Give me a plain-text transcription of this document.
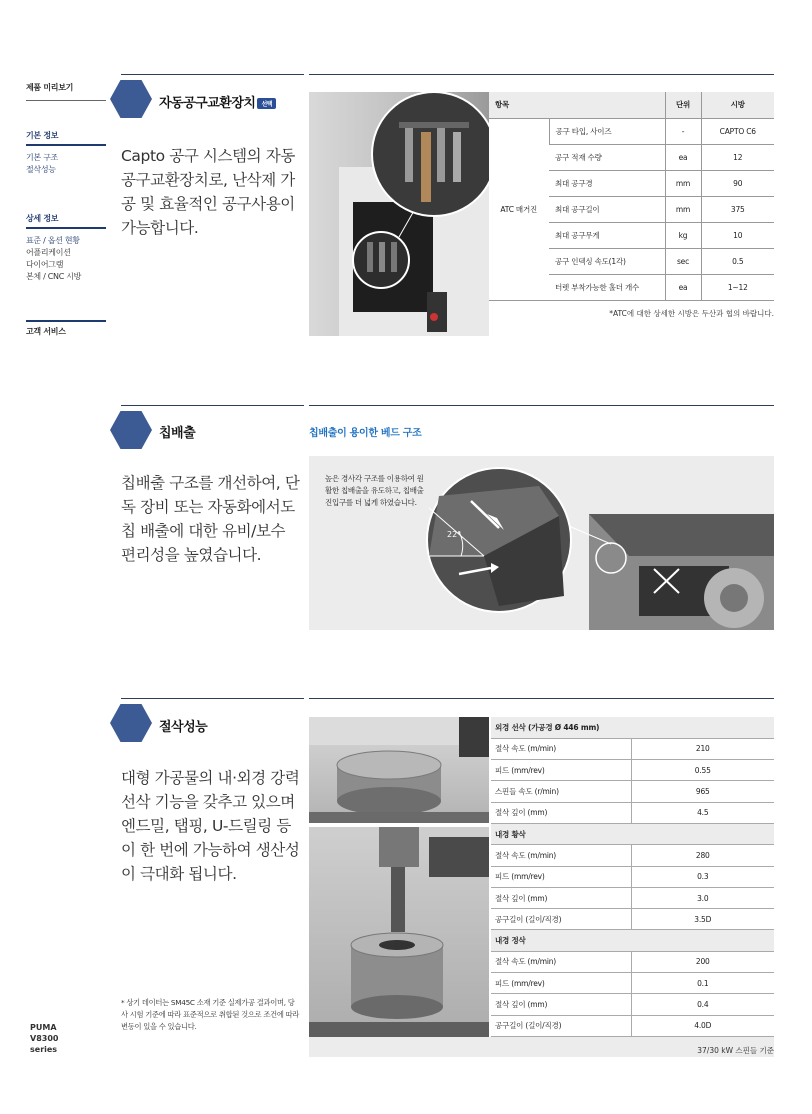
제품 미리보기
기본 정보
기본 구조
절삭성능
상세 정보
표준 / 옵션 현황
어플리케이션
다이어그램
본체 / CNC 시방
고객 서비스
PUMA
V8300
series
자동공구교환장치 선택
Capto 공구 시스템의 자동 공구교환장치로, 난삭제 가공 및 효율적인 공구사용이 가능합니다.
항목		단위	시방
ATC 매거진	공구 타입, 사이즈	-	CAPTO C6
	공구 적재 수량	ea	12
	최대 공구경	mm	90
	최대 공구길이	mm	375
	최대 공구무게	kg	10
	공구 인덱싱 속도(1각)	sec	0.5
	터렛 부착가능한 홀더 개수	ea	1~12
*ATC에 대한 상세한 시방은 두산과 협의 바랍니다.
칩배출	칩배출이 용이한 베드 구조
칩배출 구조를 개선하여, 단독 장비 또는 자동화에서도 칩 배출에 대한 유비/보수 편리성을 높였습니다.
22°
높은 경사각 구조를 이용하여 원활한 칩배출을 유도하고, 칩배출 진입구를 더 넓게 하였습니다.
절삭성능
대형 가공물의 내·외경 강력 선삭 기능을 갖추고 있으며 엔드밀, 탭핑, U-드릴링 등이 한 번에 가능하여 생산성이 극대화 됩니다.
* 상기 데이터는 SM45C 소재 기준 실제가공 결과이며, 당사 시험 기준에 따라 표준적으로 취합된 것으로 조건에 따라 변동이 있을 수 있습니다.
외경 선삭 (가공경 Ø 446 mm)	
절삭 속도 (m/min)	210
피드 (mm/rev)	0.55
스핀들 속도 (r/min)	965
절삭 깊이 (mm)	4.5
내경 황삭	
절삭 속도 (m/min)	280
피드 (mm/rev)	0.3
절삭 깊이 (mm)	3.0
공구길이 (길이/직경)	3.5D
내경 정삭	
절삭 속도 (m/min)	200
피드 (mm/rev)	0.1
절삭 깊이 (mm)	0.4
공구길이 (길이/직경)	4.0D
37/30 kW 스핀들 기준
